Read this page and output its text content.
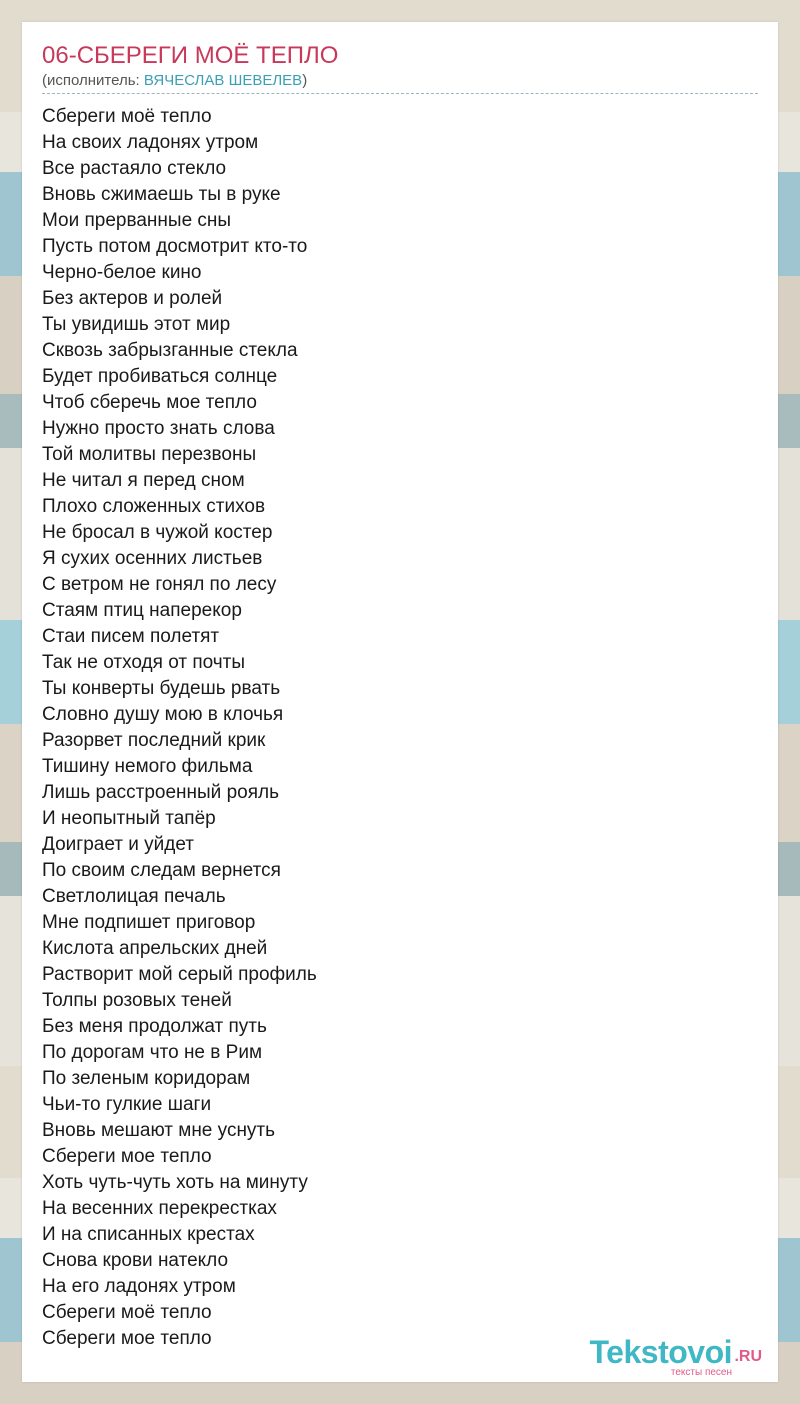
06-СБЕРЕГИ МОЁ ТЕПЛО
(исполнитель: ВЯЧЕСЛАВ ШЕВЕЛЕВ)
Сбереги моё тепло
На своих ладонях утром
Все растаяло стекло
Вновь сжимаешь ты в руке
Мои прерванные сны
Пусть потом досмотрит кто-то
Черно-белое кино
Без актеров и ролей
Ты увидишь этот мир
Сквозь забрызганные стекла
Будет пробиваться солнце
Чтоб сберечь мое тепло
Нужно просто знать слова
Той молитвы перезвоны
Не читал я перед сном
Плохо сложенных стихов
Не бросал в чужой костер
Я сухих осенних листьев
С ветром не гонял по лесу
Стаям птиц наперекор
Стаи писем полетят
Так не отходя от почты
Ты конверты будешь рвать
Словно душу мою в клочья
Разорвет последний крик
Тишину немого фильма
Лишь расстроенный рояль
И неопытный тапёр
Доиграет и уйдет
По своим следам вернется
Светлолицая печаль
Мне подпишет приговор
Кислота апрельских дней
Растворит мой серый профиль
Толпы розовых теней
Без меня продолжат путь
По дорогам что не в Рим
По зеленым коридорам
Чьи-то гулкие шаги
Вновь мешают мне уснуть
Сбереги мое тепло
Хоть чуть-чуть хоть на минуту
На весенних перекрестках
И на списанных крестах
Снова крови натекло
На его ладонях утром
Сбереги моё тепло
Сбереги мое тепло	Tekstovoi .RU
тексты песен
